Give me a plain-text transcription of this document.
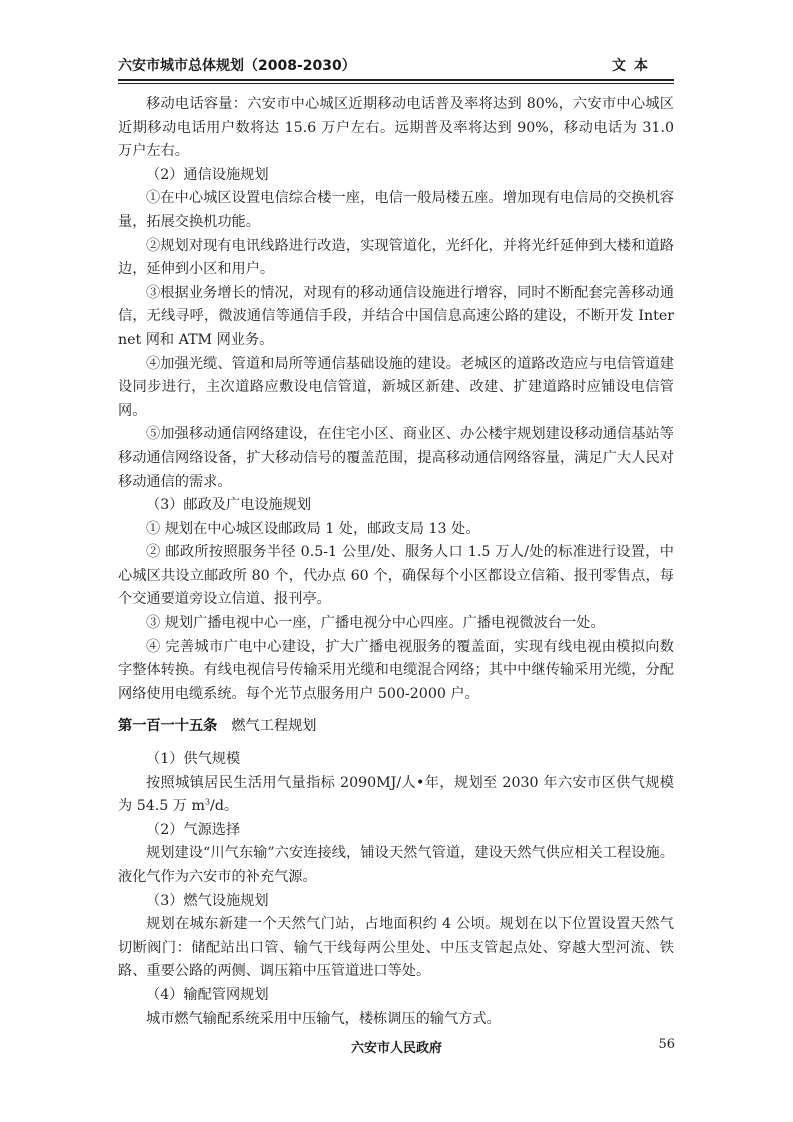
六安市城市总体规划（2008-2030）	文本

移动电话容量：六安市中心城区近期移动电话普及率将达到 80%，六安市中心城区近期移动电话用户数将达 15.6 万户左右。远期普及率将达到 90%，移动电话为 31.0 万户左右。

（2）通信设施规划

①在中心城区设置电信综合楼一座，电信一般局楼五座。增加现有电信局的交换机容量，拓展交换机功能。

②规划对现有电讯线路进行改造，实现管道化，光纤化，并将光纤延伸到大楼和道路边，延伸到小区和用户。

③根据业务增长的情况，对现有的移动通信设施进行增容，同时不断配套完善移动通信，无线寻呼，微波通信等通信手段，并结合中国信息高速公路的建设，不断开发 Internet 网和 ATM 网业务。

④加强光缆、管道和局所等通信基础设施的建设。老城区的道路改造应与电信管道建设同步进行，主次道路应敷设电信管道，新城区新建、改建、扩建道路时应铺设电信管网。

⑤加强移动通信网络建设，在住宅小区、商业区、办公楼宇规划建设移动通信基站等移动通信网络设备，扩大移动信号的覆盖范围，提高移动通信网络容量，满足广大人民对移动通信的需求。

（3）邮政及广电设施规划

① 规划在中心城区设邮政局 1 处，邮政支局 13 处。

② 邮政所按照服务半径 0.5-1 公里/处、服务人口 1.5 万人/处的标准进行设置，中心城区共设立邮政所 80 个，代办点 60 个，确保每个小区都设立信箱、报刊零售点，每个交通要道旁设立信道、报刊亭。

③ 规划广播电视中心一座，广播电视分中心四座。广播电视微波台一处。

④ 完善城市广电中心建设，扩大广播电视服务的覆盖面，实现有线电视由模拟向数字整体转换。有线电视信号传输采用光缆和电缆混合网络；其中中继传输采用光缆，分配网络使用电缆系统。每个光节点服务用户 500-2000 户。

第一百一十五条 燃气工程规划

（1）供气规模

按照城镇居民生活用气量指标 2090MJ/人•年，规划至 2030 年六安市区供气规模为 54.5 万 $m^3/d$。

（2）气源选择

规划建设“川气东输”六安连接线，铺设天然气管道，建设天然气供应相关工程设施。液化气作为六安市的补充气源。

（3）燃气设施规划

规划在城东新建一个天然气门站，占地面积约 4 公顷。规划在以下位置设置天然气切断阀门：储配站出口管、输气干线每两公里处、中压支管起点处、穿越大型河流、铁路、重要公路的两侧、调压箱中压管道进口等处。

（4）输配管网规划

城市燃气输配系统采用中压输气，楼栋调压的输气方式。

六安市人民政府	56
